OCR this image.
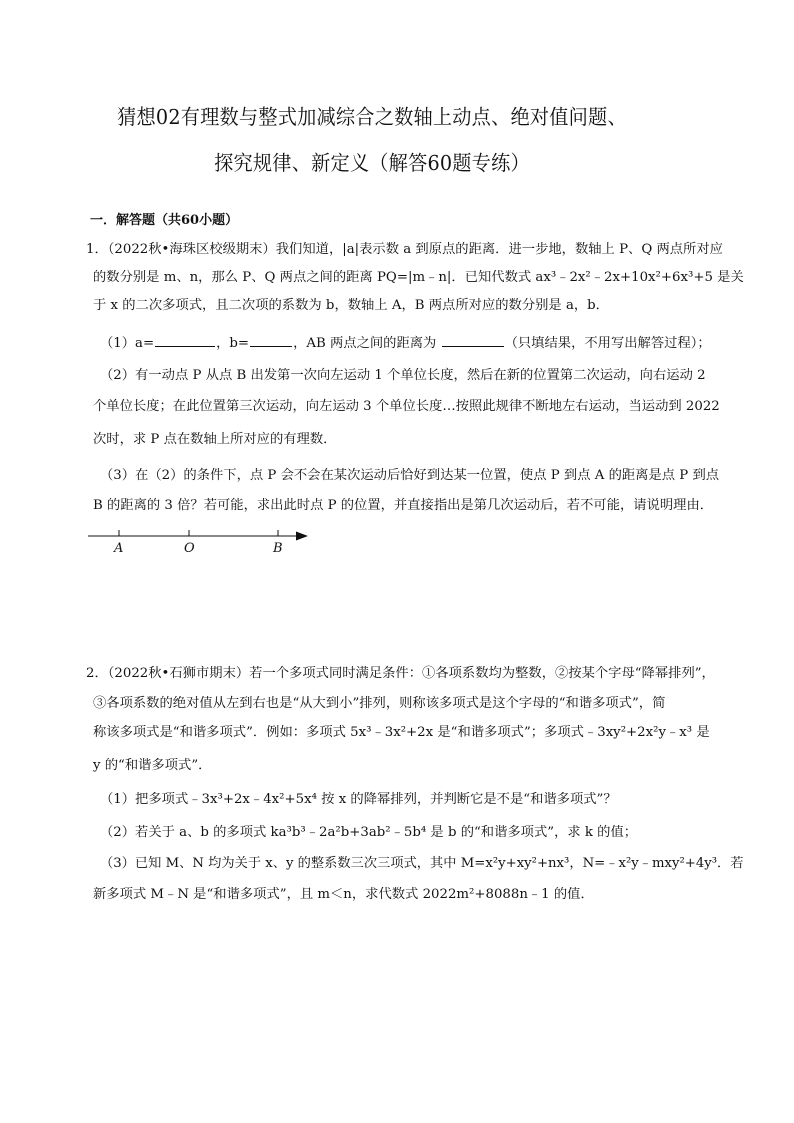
猜想02有理数与整式加减综合之数轴上动点、绝对值问题、
探究规律、新定义（解答60题专练）
一．解答题（共60小题）
1．（2022秋•海珠区校级期末）我们知道，|a|表示数 a 到原点的距离．进一步地，数轴上 P、Q 两点所对应
的数分别是 m、n，那么 P、Q 两点之间的距离 PQ=|m﹣n|．已知代数式 ax³﹣2x²﹣2x+10x²+6x³+5 是关
于 x 的二次多项式，且二次项的系数为 b，数轴上 A，B 两点所对应的数分别是 a，b．
（1）a=	，b=	，AB 两点之间的距离为	（只填结果，不用写出解答过程）；
（2）有一动点 P 从点 B 出发第一次向左运动 1 个单位长度，然后在新的位置第二次运动，向右运动 2
个单位长度；在此位置第三次运动，向左运动 3 个单位长度…按照此规律不断地左右运动，当运动到 2022
次时，求 P 点在数轴上所对应的有理数．
（3）在（2）的条件下，点 P 会不会在某次运动后恰好到达某一位置，使点 P 到点 A 的距离是点 P 到点
B 的距离的 3 倍？若可能，求出此时点 P 的位置，并直接指出是第几次运动后，若不可能，请说明理由．
A	O	B
2．（2022秋•石狮市期末）若一个多项式同时满足条件：①各项系数均为整数，②按某个字母“降幂排列”，
③各项系数的绝对值从左到右也是“从大到小”排列，则称该多项式是这个字母的“和谐多项式”，简
称该多项式是“和谐多项式”．例如：多项式 5x³﹣3x²+2x 是“和谐多项式”；多项式﹣3xy²+2x²y﹣x³ 是
y 的“和谐多项式”．
（1）把多项式﹣3x³+2x﹣4x²+5x⁴ 按 x 的降幂排列，并判断它是不是“和谐多项式”？
（2）若关于 a、b 的多项式 ka³b³﹣2a²b+3ab²﹣5b⁴ 是 b 的“和谐多项式”，求 k 的值；
（3）已知 M、N 均为关于 x、y 的整系数三次三项式，其中 M=x²y+xy²+nx³，N=﹣x²y﹣mxy²+4y³．若
新多项式 M﹣N 是“和谐多项式”，且 m＜n，求代数式 2022m²+8088n﹣1 的值．
